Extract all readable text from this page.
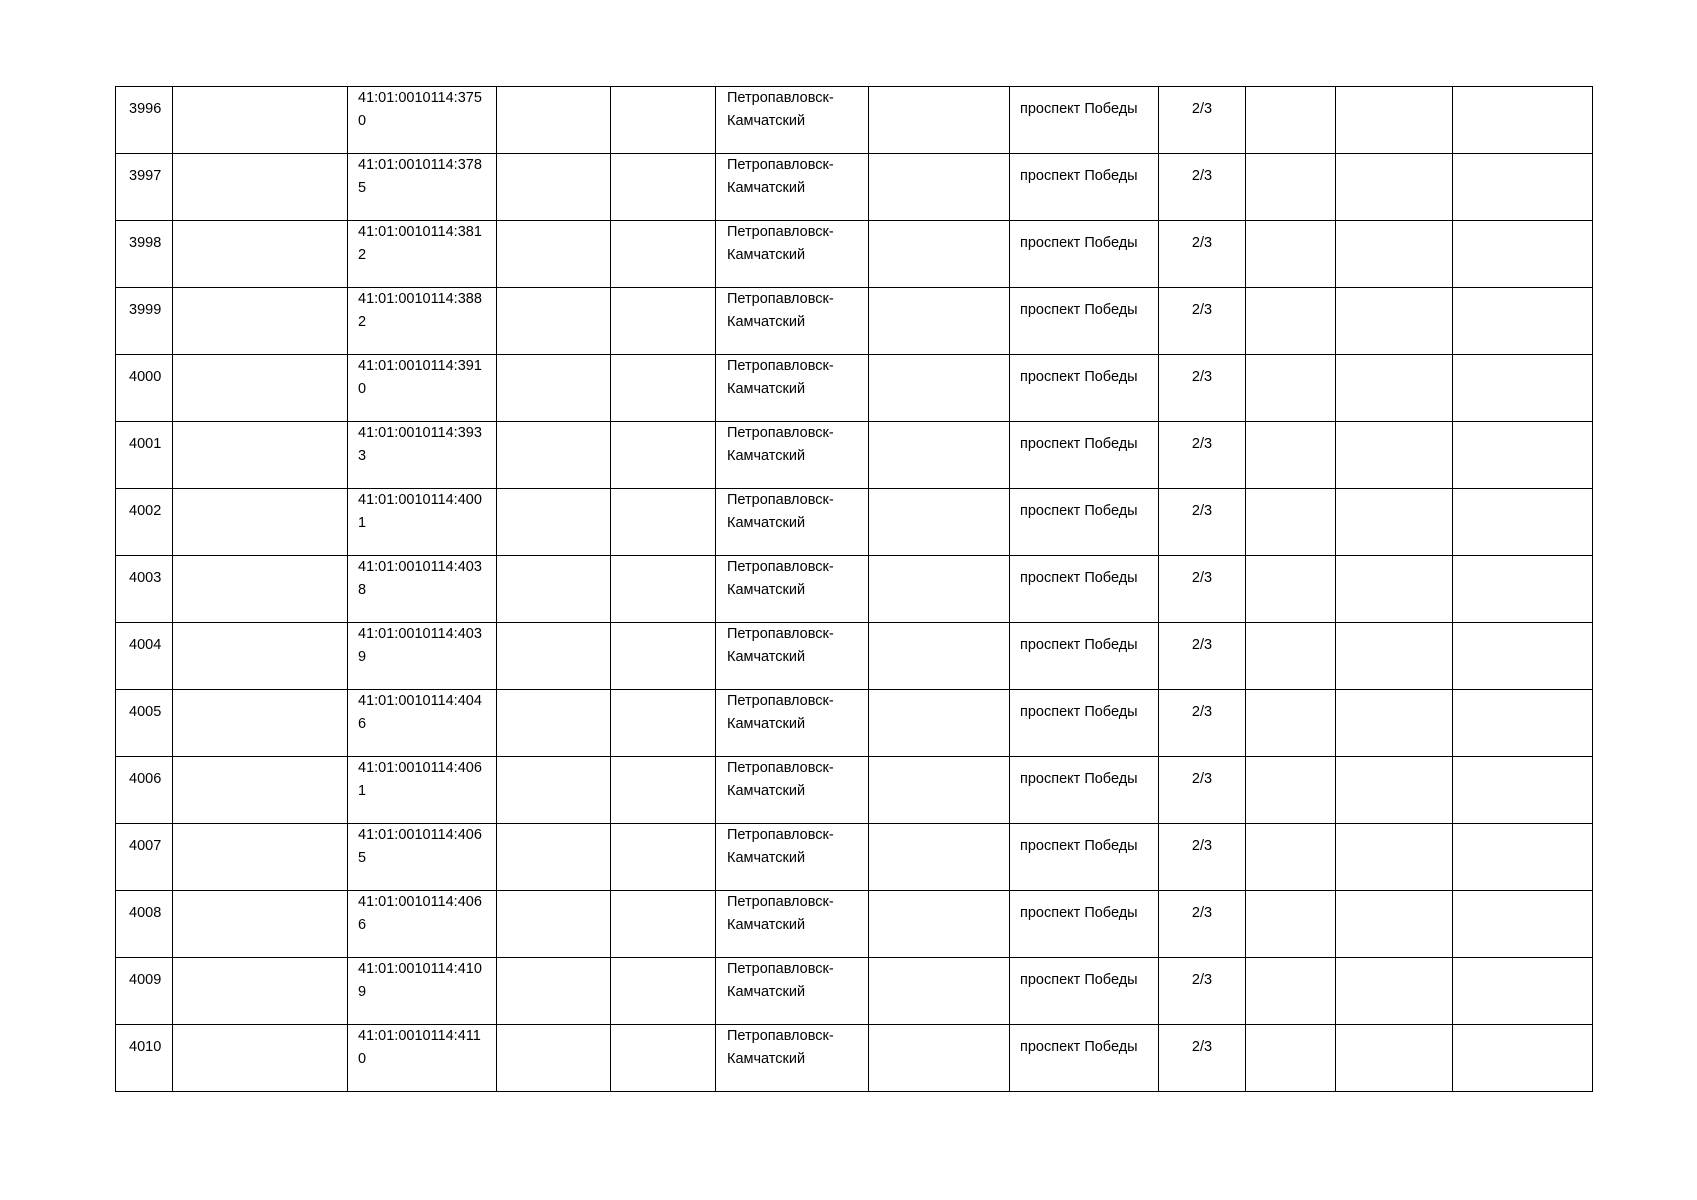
3996		41:01:0010114:3750			Петропавловск-Камчатский		проспект Победы	2/3			

3997		41:01:0010114:3785			Петропавловск-Камчатский		проспект Победы	2/3			

3998		41:01:0010114:3812			Петропавловск-Камчатский		проспект Победы	2/3			

3999		41:01:0010114:3882			Петропавловск-Камчатский		проспект Победы	2/3			

4000		41:01:0010114:3910			Петропавловск-Камчатский		проспект Победы	2/3			

4001		41:01:0010114:3933			Петропавловск-Камчатский		проспект Победы	2/3			

4002		41:01:0010114:4001			Петропавловск-Камчатский		проспект Победы	2/3			

4003		41:01:0010114:4038			Петропавловск-Камчатский		проспект Победы	2/3			

4004		41:01:0010114:4039			Петропавловск-Камчатский		проспект Победы	2/3			

4005		41:01:0010114:4046			Петропавловск-Камчатский		проспект Победы	2/3			

4006		41:01:0010114:4061			Петропавловск-Камчатский		проспект Победы	2/3			

4007		41:01:0010114:4065			Петропавловск-Камчатский		проспект Победы	2/3			

4008		41:01:0010114:4066			Петропавловск-Камчатский		проспект Победы	2/3			

4009		41:01:0010114:4109			Петропавловск-Камчатский		проспект Победы	2/3			

4010		41:01:0010114:4110			Петропавловск-Камчатский		проспект Победы	2/3			
